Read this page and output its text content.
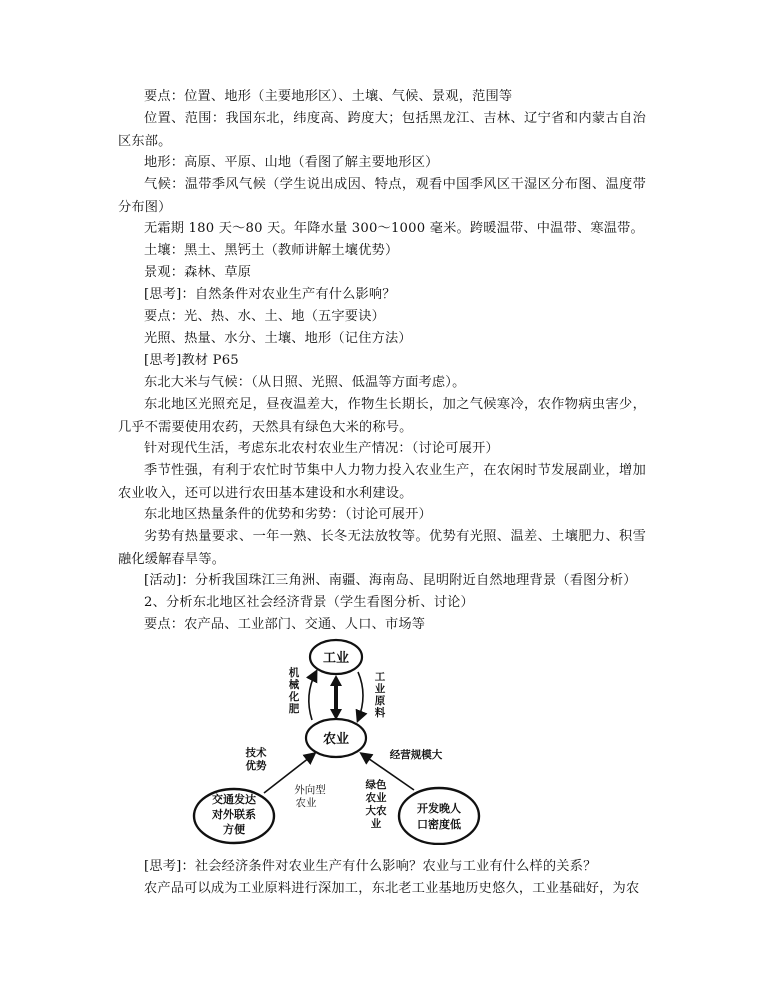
要点：位置、地形（主要地形区）、土壤、气候、景观，范围等

位置、范围：我国东北，纬度高、跨度大；包括黑龙江、吉林、辽宁省和内蒙古自治区东部。

地形：高原、平原、山地（看图了解主要地形区）

气候：温带季风气候（学生说出成因、特点，观看中国季风区干湿区分布图、温度带分布图）

无霜期 180 天～80 天。年降水量 300～1000 毫米。跨暖温带、中温带、寒温带。

土壤：黑土、黑钙土（教师讲解土壤优势）

景观：森林、草原

[思考]：自然条件对农业生产有什么影响？

要点：光、热、水、土、地（五字要诀）

光照、热量、水分、土壤、地形（记住方法）

[思考]教材 P65

东北大米与气候：（从日照、光照、低温等方面考虑）。

东北地区光照充足，昼夜温差大，作物生长期长，加之气候寒冷，农作物病虫害少，几乎不需要使用农药，天然具有绿色大米的称号。

针对现代生活，考虑东北农村农业生产情况：（讨论可展开）

季节性强，有利于农忙时节集中人力物力投入农业生产，在农闲时节发展副业，增加农业收入，还可以进行农田基本建设和水利建设。

东北地区热量条件的优势和劣势：（讨论可展开）

劣势有热量要求、一年一熟、长冬无法放牧等。优势有光照、温差、土壤肥力、积雪融化缓解春旱等。

[活动]：分析我国珠江三角洲、南疆、海南岛、昆明附近自然地理背景（看图分析）

2、分析东北地区社会经济背景（学生看图分析、讨论）

要点：农产品、工业部门、交通、人口、市场等

工业
农业
交通发达
对外联系
方便
开发晚人
口密度低
机
械
化
肥
工
业
原
料
技术
优势
经营规模大
外向型
农业
绿色
农业
大农
业

[思考]：社会经济条件对农业生产有什么影响？农业与工业有什么样的关系？

农产品可以成为工业原料进行深加工，东北老工业基地历史悠久，工业基础好，为农
